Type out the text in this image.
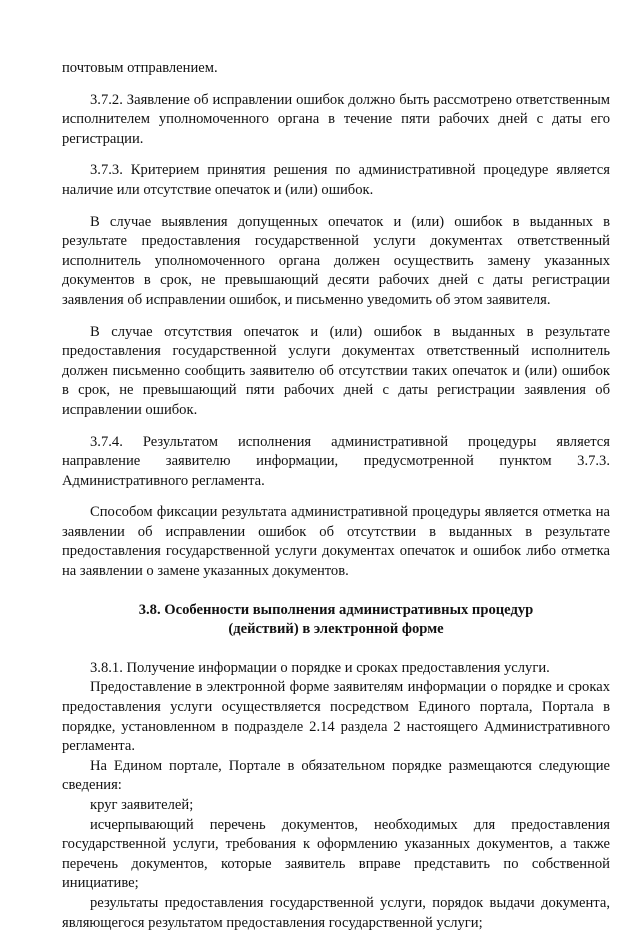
почтовым отправлением.

3.7.2. Заявление об исправлении ошибок должно быть рассмотрено ответственным исполнителем уполномоченного органа в течение пяти рабочих дней с даты его регистрации.

3.7.3. Критерием принятия решения по административной процедуре является наличие или отсутствие опечаток и (или) ошибок.

В случае выявления допущенных опечаток и (или) ошибок в выданных в результате предоставления государственной услуги документах ответственный исполнитель уполномоченного органа должен осуществить замену указанных документов в срок, не превышающий десяти рабочих дней с даты регистрации заявления об исправлении ошибок, и письменно уведомить об этом заявителя.

В случае отсутствия опечаток и (или) ошибок в выданных в результате предоставления государственной услуги документах ответственный исполнитель должен письменно сообщить заявителю об отсутствии таких опечаток и (или) ошибок в срок, не превышающий пяти рабочих дней с даты регистрации заявления об исправлении ошибок.

3.7.4. Результатом исполнения административной процедуры является направление заявителю информации, предусмотренной пунктом 3.7.3. Административного регламента.

Способом фиксации результата административной процедуры является отметка на заявлении об исправлении ошибок об отсутствии в выданных в результате предоставления государственной услуги документах опечаток и ошибок либо отметка на заявлении о замене указанных документов.

3.8. Особенности выполнения административных процедур
(действий) в электронной форме

3.8.1. Получение информации о порядке и сроках предоставления услуги.

Предоставление в электронной форме заявителям информации о порядке и сроках предоставления услуги осуществляется посредством Единого портала, Портала в порядке, установленном в подразделе 2.14 раздела 2 настоящего Административного регламента.

На Едином портале, Портале в обязательном порядке размещаются следующие сведения:

круг заявителей;

исчерпывающий перечень документов, необходимых для предоставления государственной услуги, требования к оформлению указанных документов, а также перечень документов, которые заявитель вправе представить по собственной инициативе;

результаты предоставления государственной услуги, порядок выдачи документа, являющегося результатом предоставления государственной услуги;
